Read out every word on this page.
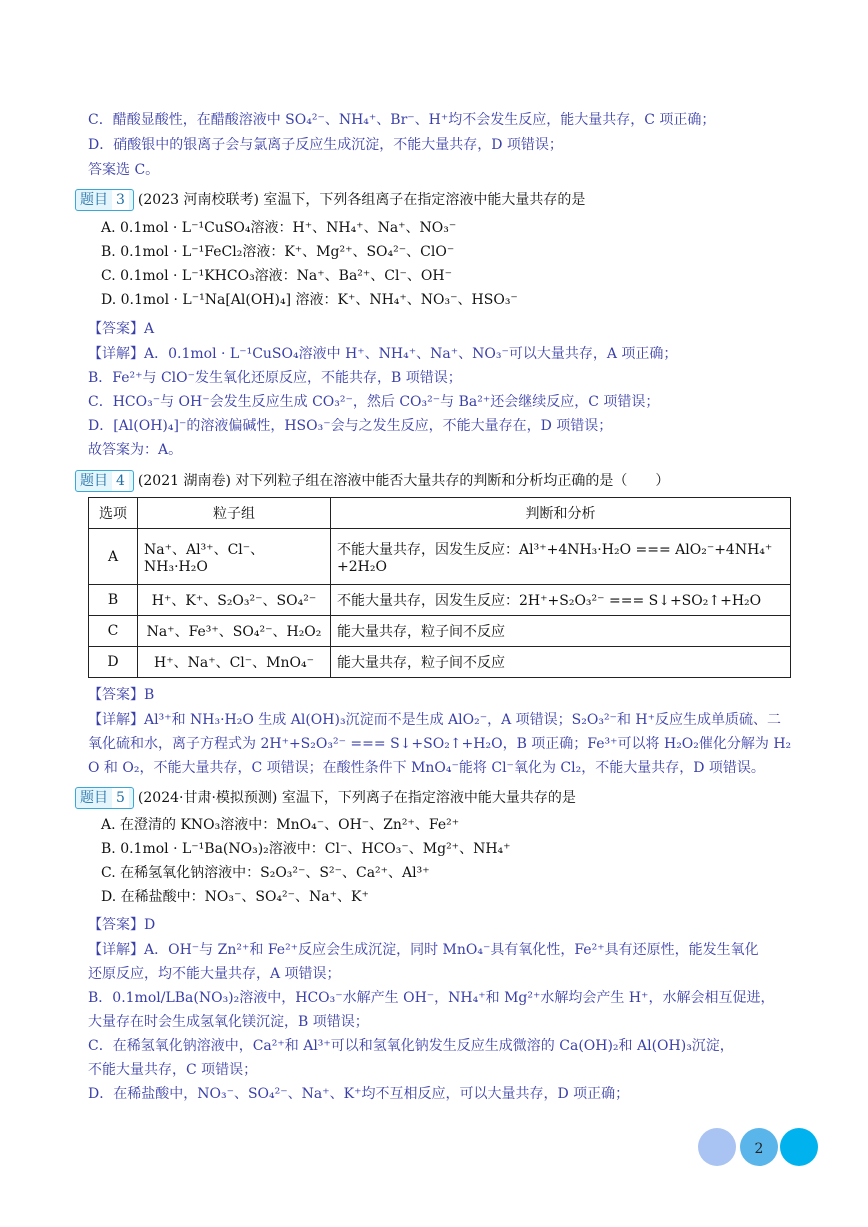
C．醋酸显酸性，在醋酸溶液中 SO₄²⁻、NH₄⁺、Br⁻、H⁺均不会发生反应，能大量共存，C 项正确；
D．硝酸银中的银离子会与氯离子反应生成沉淀，不能大量共存，D 项错误；
答案选 C。
题目 3 (2023 河南校联考) 室温下，下列各组离子在指定溶液中能大量共存的是
A. 0.1mol · L⁻¹CuSO₄溶液：H⁺、NH₄⁺、Na⁺、NO₃⁻
B. 0.1mol · L⁻¹FeCl₂溶液：K⁺、Mg²⁺、SO₄²⁻、ClO⁻
C. 0.1mol · L⁻¹KHCO₃溶液：Na⁺、Ba²⁺、Cl⁻、OH⁻
D. 0.1mol · L⁻¹Na[Al(OH)₄] 溶液：K⁺、NH₄⁺、NO₃⁻、HSO₃⁻
【答案】A
【详解】A．0.1mol · L⁻¹CuSO₄溶液中 H⁺、NH₄⁺、Na⁺、NO₃⁻可以大量共存，A 项正确；
B．Fe²⁺与 ClO⁻发生氧化还原反应，不能共存，B 项错误；
C．HCO₃⁻与 OH⁻会发生反应生成 CO₃²⁻，然后 CO₃²⁻与 Ba²⁺还会继续反应，C 项错误；
D．[Al(OH)₄]⁻的溶液偏碱性，HSO₃⁻会与之发生反应，不能大量存在，D 项错误；
故答案为：A。
题目 4 (2021 湖南卷) 对下列粒子组在溶液中能否大量共存的判断和分析均正确的是（　　）
选项	粒子组	判断和分析
A	Na⁺、Al³⁺、Cl⁻、NH₃·H₂O	不能大量共存，因发生反应：Al³⁺+4NH₃·H₂O === AlO₂⁻+4NH₄⁺ +2H₂O
B	H⁺、K⁺、S₂O₃²⁻、SO₄²⁻	不能大量共存，因发生反应：2H⁺+S₂O₃²⁻ === S↓+SO₂↑+H₂O
C	Na⁺、Fe³⁺、SO₄²⁻、H₂O₂	能大量共存，粒子间不反应
D	H⁺、Na⁺、Cl⁻、MnO₄⁻	能大量共存，粒子间不反应
【答案】B
【详解】Al³⁺和 NH₃·H₂O 生成 Al(OH)₃沉淀而不是生成 AlO₂⁻，A 项错误；S₂O₃²⁻和 H⁺反应生成单质硫、二
氧化硫和水，离子方程式为 2H⁺+S₂O₃²⁻ === S↓+SO₂↑+H₂O，B 项正确；Fe³⁺可以将 H₂O₂催化分解为 H₂
O 和 O₂，不能大量共存，C 项错误；在酸性条件下 MnO₄⁻能将 Cl⁻氧化为 Cl₂，不能大量共存，D 项错误。
题目 5 (2024·甘肃·模拟预测) 室温下，下列离子在指定溶液中能大量共存的是
A. 在澄清的 KNO₃溶液中：MnO₄⁻、OH⁻、Zn²⁺、Fe²⁺
B. 0.1mol · L⁻¹Ba(NO₃)₂溶液中：Cl⁻、HCO₃⁻、Mg²⁺、NH₄⁺
C. 在稀氢氧化钠溶液中：S₂O₃²⁻、S²⁻、Ca²⁺、Al³⁺
D. 在稀盐酸中：NO₃⁻、SO₄²⁻、Na⁺、K⁺
【答案】D
【详解】A．OH⁻与 Zn²⁺和 Fe²⁺反应会生成沉淀，同时 MnO₄⁻具有氧化性，Fe²⁺具有还原性，能发生氧化
还原反应，均不能大量共存，A 项错误；
B．0.1mol/LBa(NO₃)₂溶液中，HCO₃⁻水解产生 OH⁻，NH₄⁺和 Mg²⁺水解均会产生 H⁺，水解会相互促进，
大量存在时会生成氢氧化镁沉淀，B 项错误；
C．在稀氢氧化钠溶液中，Ca²⁺和 Al³⁺可以和氢氧化钠发生反应生成微溶的 Ca(OH)₂和 Al(OH)₃沉淀，
不能大量共存，C 项错误；
D．在稀盐酸中，NO₃⁻、SO₄²⁻、Na⁺、K⁺均不互相反应，可以大量共存，D 项正确；
2
